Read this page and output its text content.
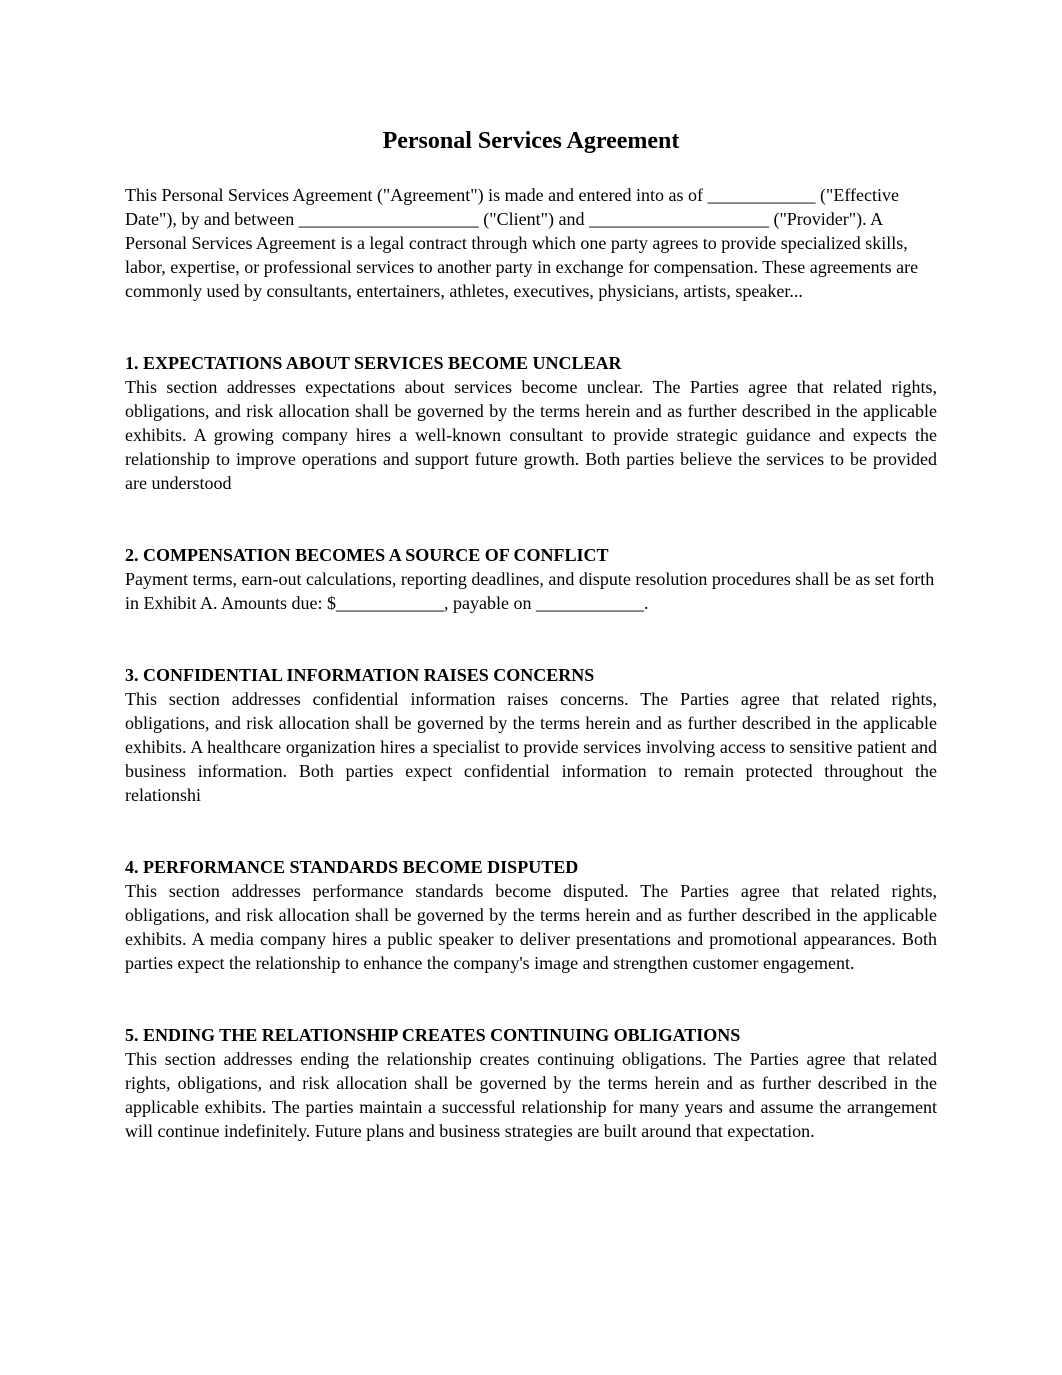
Personal Services Agreement

This Personal Services Agreement ("Agreement") is made and entered into as of ____________ ("Effective Date"), by and between ____________________ ("Client") and ____________________ ("Provider"). A Personal Services Agreement is a legal contract through which one party agrees to provide specialized skills, labor, expertise, or professional services to another party in exchange for compensation. These agreements are commonly used by consultants, entertainers, athletes, executives, physicians, artists, speaker...

1. EXPECTATIONS ABOUT SERVICES BECOME UNCLEAR

This section addresses expectations about services become unclear. The Parties agree that related rights, obligations, and risk allocation shall be governed by the terms herein and as further described in the applicable exhibits. A growing company hires a well-known consultant to provide strategic guidance and expects the relationship to improve operations and support future growth. Both parties believe the services to be provided are understood

2. COMPENSATION BECOMES A SOURCE OF CONFLICT

Payment terms, earn-out calculations, reporting deadlines, and dispute resolution procedures shall be as set forth in Exhibit A. Amounts due: $____________, payable on ____________.

3. CONFIDENTIAL INFORMATION RAISES CONCERNS

This section addresses confidential information raises concerns. The Parties agree that related rights, obligations, and risk allocation shall be governed by the terms herein and as further described in the applicable exhibits. A healthcare organization hires a specialist to provide services involving access to sensitive patient and business information. Both parties expect confidential information to remain protected throughout the relationshi

4. PERFORMANCE STANDARDS BECOME DISPUTED

This section addresses performance standards become disputed. The Parties agree that related rights, obligations, and risk allocation shall be governed by the terms herein and as further described in the applicable exhibits. A media company hires a public speaker to deliver presentations and promotional appearances. Both parties expect the relationship to enhance the company's image and strengthen customer engagement.

5. ENDING THE RELATIONSHIP CREATES CONTINUING OBLIGATIONS

This section addresses ending the relationship creates continuing obligations. The Parties agree that related rights, obligations, and risk allocation shall be governed by the terms herein and as further described in the applicable exhibits. The parties maintain a successful relationship for many years and assume the arrangement will continue indefinitely. Future plans and business strategies are built around that expectation.
